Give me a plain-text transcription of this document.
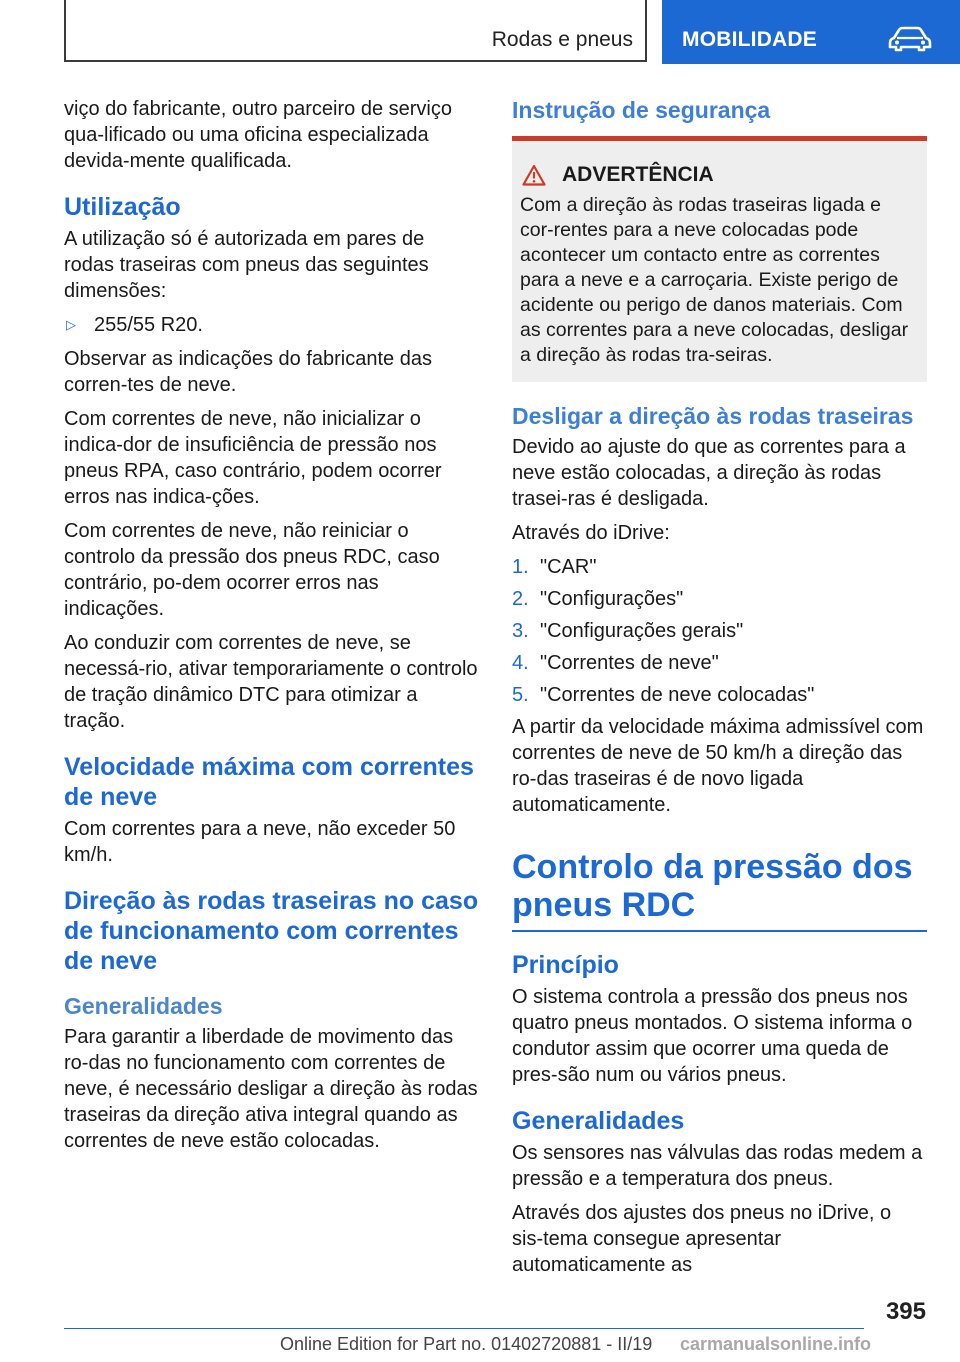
Rodas e pneus MOBILIDADE

viço do fabricante, outro parceiro de serviço qua-lificado ou uma oficina especializada devida-mente qualificada.

Utilização

A utilização só é autorizada em pares de rodas traseiras com pneus das seguintes dimensões:

▷ 255/55 R20.

Observar as indicações do fabricante das corren-tes de neve.

Com correntes de neve, não inicializar o indica-dor de insuficiência de pressão nos pneus RPA, caso contrário, podem ocorrer erros nas indica-ções.

Com correntes de neve, não reiniciar o controlo da pressão dos pneus RDC, caso contrário, po-dem ocorrer erros nas indicações.

Ao conduzir com correntes de neve, se necessá-rio, ativar temporariamente o controlo de tração dinâmico DTC para otimizar a tração.

Velocidade máxima com correntes de neve

Com correntes para a neve, não exceder 50 km/h.

Direção às rodas traseiras no caso de funcionamento com correntes de neve
Generalidades

Para garantir a liberdade de movimento das ro-das no funcionamento com correntes de neve, é necessário desligar a direção às rodas traseiras da direção ativa integral quando as correntes de neve estão colocadas.

Instrução de segurança
ADVERTÊNCIA

Com a direção às rodas traseiras ligada e cor-rentes para a neve colocadas pode acontecer um contacto entre as correntes para a neve e a carroçaria. Existe perigo de acidente ou perigo de danos materiais. Com as correntes para a neve colocadas, desligar a direção às rodas tra-seiras.

Desligar a direção às rodas traseiras

Devido ao ajuste do que as correntes para a neve estão colocadas, a direção às rodas trasei-ras é desligada.

Através do iDrive:

1. "CAR"
2. "Configurações"
3. "Configurações gerais"
4. "Correntes de neve"
5. "Correntes de neve colocadas"

A partir da velocidade máxima admissível com correntes de neve de 50 km/h a direção das ro-das traseiras é de novo ligada automaticamente.

Controlo da pressão dos pneus RDC
Princípio

O sistema controla a pressão dos pneus nos quatro pneus montados. O sistema informa o condutor assim que ocorrer uma queda de pres-são num ou vários pneus.

Generalidades

Os sensores nas válvulas das rodas medem a pressão e a temperatura dos pneus.

Através dos ajustes dos pneus no iDrive, o sis-tema consegue apresentar automaticamente as

395
Online Edition for Part no. 01402720881 - II/19 carmanualsonline.info
